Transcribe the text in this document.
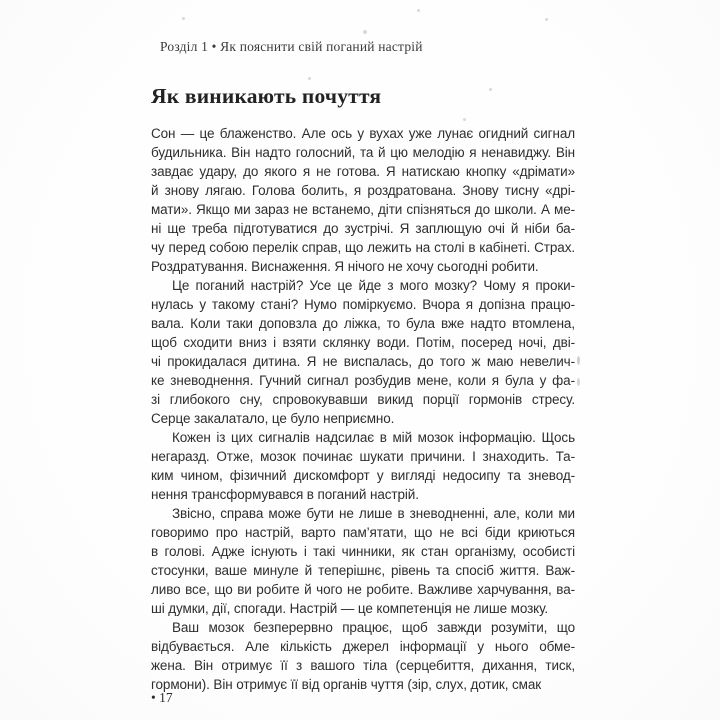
Розділ 1 • Як пояснити свій поганий настрій
Як виникають почуття
Сон — це блаженство. Але ось у вухах уже лунає огидний сигнал
будильника. Він надто голосний, та й цю мелодію я ненавиджу. Він
завдає удару, до якого я не готова. Я натискаю кнопку «дрімати»
й знову лягаю. Голова болить, я роздратована. Знову тисну «дрі-
мати». Якщо ми зараз не встанемо, діти спізняться до школи. А ме-
ні ще треба підготуватися до зустрічі. Я заплющую очі й ніби ба-
чу перед собою перелік справ, що лежить на столі в кабінеті. Страх.
Роздратування. Виснаження. Я нічого не хочу сьогодні робити.
Це поганий настрій? Усе це йде з мого мозку? Чому я проки-
нулась у такому стані? Нумо поміркуємо. Вчора я допізна працю-
вала. Коли таки доповзла до ліжка, то була вже надто втомлена,
щоб сходити вниз і взяти склянку води. Потім, посеред ночі, дві-
чі прокидалася дитина. Я не виспалась, до того ж маю невелич-
ке зневоднення. Гучний сигнал розбудив мене, коли я була у фа-
зі глибокого сну, спровокувавши викид порції гормонів стресу.
Серце закалатало, це було неприємно.
Кожен із цих сигналів надсилає в мій мозок інформацію. Щось
негаразд. Отже, мозок починає шукати причини. І знаходить. Та-
ким чином, фізичний дискомфорт у вигляді недосипу та зневод-
нення трансформувався в поганий настрій.
Звісно, справа може бути не лише в зневодненні, але, коли ми
говоримо про настрій, варто пам’ятати, що не всі біди криються
в голові. Адже існують і такі чинники, як стан організму, особисті
стосунки, ваше минуле й теперішнє, рівень та спосіб життя. Важ-
ливо все, що ви робите й чого не робите. Важливе харчування, ва-
ші думки, дії, спогади. Настрій — це компетенція не лише мозку.
Ваш мозок безперервно працює, щоб завжди розуміти, що
відбувається. Але кількість джерел інформації у нього обме-
жена. Він отримує її з вашого тіла (серцебиття, дихання, тиск,
гормони). Він отримує її від органів чуття (зір, слух, дотик, смак
• 17
